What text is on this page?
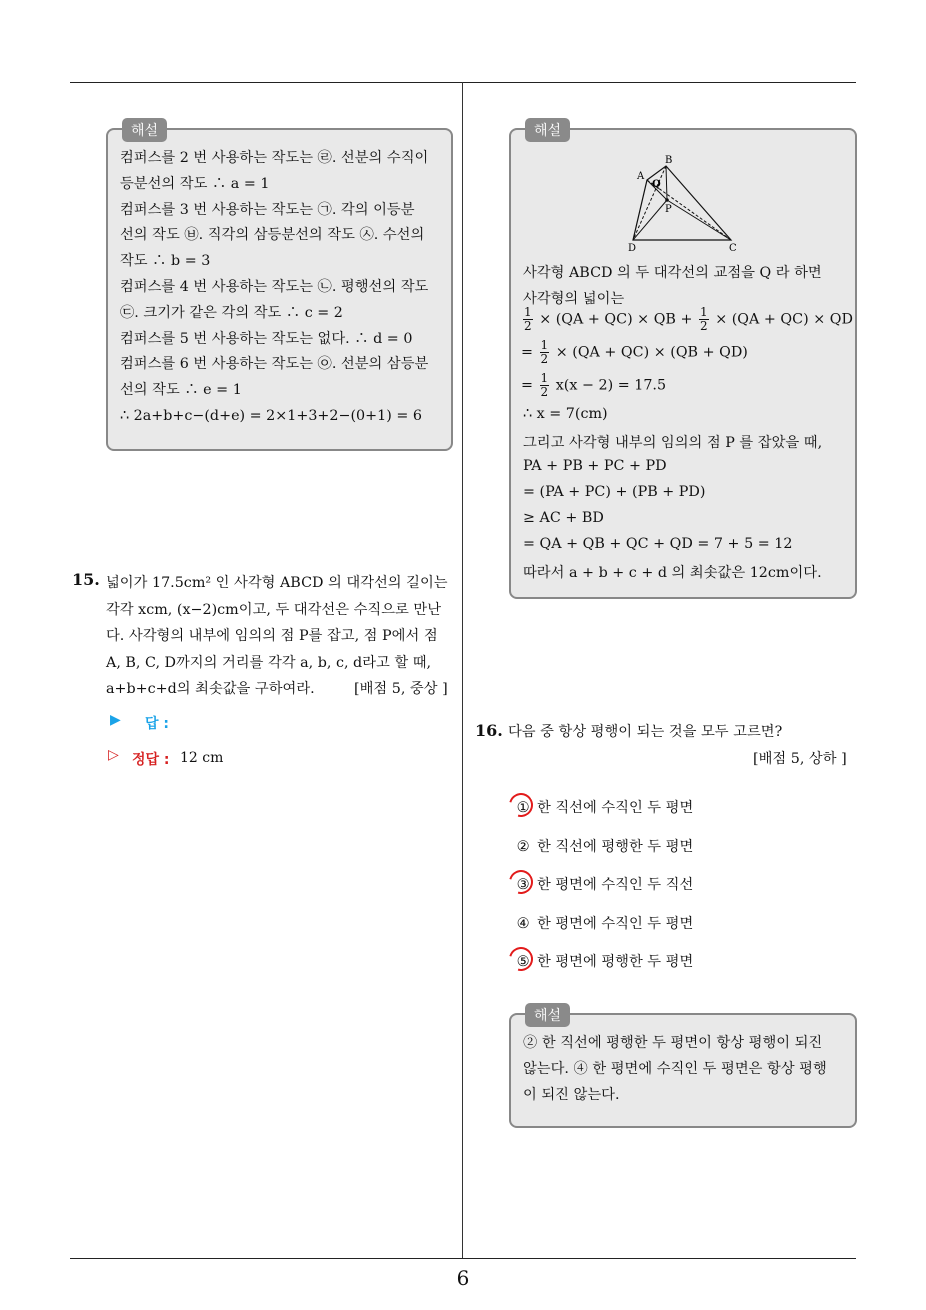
6
해설
컴퍼스를 2 번 사용하는 작도는 ㉣. 선분의 수직이
등분선의 작도 ∴ a = 1
컴퍼스를 3 번 사용하는 작도는 ㉠. 각의 이등분
선의 작도 ㉥. 직각의 삼등분선의 작도 ㉦. 수선의
작도 ∴ b = 3
컴퍼스를 4 번 사용하는 작도는 ㉡. 평행선의 작도
㉢. 크기가 같은 각의 작도 ∴ c = 2
컴퍼스를 5 번 사용하는 작도는 없다. ∴ d = 0
컴퍼스를 6 번 사용하는 작도는 ㉧. 선분의 삼등분
선의 작도 ∴ e = 1
∴ 2a+b+c−(d+e) = 2×1+3+2−(0+1) = 6
15. 넓이가 17.5cm² 인 사각형 ABCD 의 대각선의 길이는
각각 xcm, (x−2)cm이고, 두 대각선은 수직으로 만난
다. 사각형의 내부에 임의의 점 P를 잡고, 점 P에서 점
A, B, C, D까지의 거리를 각각 a, b, c, d라고 할 때,
a+b+c+d의 최솟값을 구하여라.	[배점 5, 중상 ]
▶ 답 :
▷ 정답 : 12 cm
해설
A
B
Q
P
D	C
사각형 ABCD 의 두 대각선의 교점을 Q 라 하면
사각형의 넓이는
$\frac{1}{2} \times (QA + QC)$ × QB + $\frac{1}{2} \times (QA + QC)$ × QD
= $\frac{1}{2} \times (QA + QC) \times (QB + QD)$
= $\frac{1}{2} x(x - 2) = 17.5$
∴ x = 7(cm)
그리고 사각형 내부의 임의의 점 P 를 잡았을 때,
PA + PB + PC + PD
= (PA + PC) + (PB + PD)
≥ AC + BD
= QA + QB + QC + QD = 7 + 5 = 12
따라서 a + b + c + d 의 최솟값은 12cm이다.
16. 다음 중 항상 평행이 되는 것을 모두 고르면?
[배점 5, 상하 ]
① 한 직선에 수직인 두 평면
② 한 직선에 평행한 두 평면
③ 한 평면에 수직인 두 직선
④ 한 평면에 수직인 두 평면
⑤ 한 평면에 평행한 두 평면
해설
② 한 직선에 평행한 두 평면이 항상 평행이 되진
않는다. ④ 한 평면에 수직인 두 평면은 항상 평행
이 되진 않는다.
